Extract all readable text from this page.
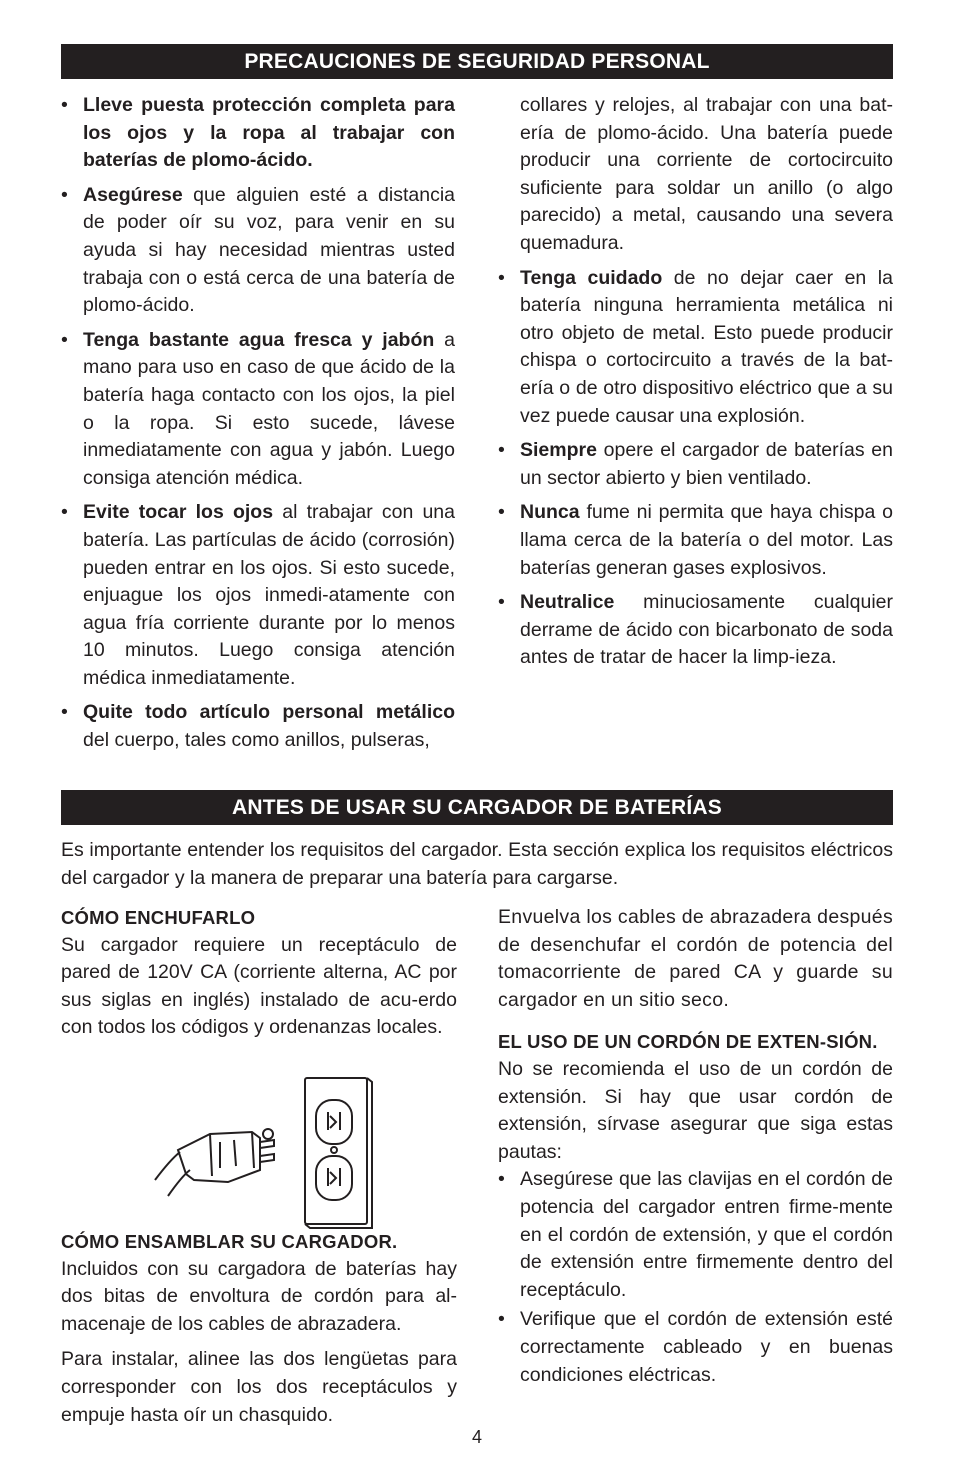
PRECAUCIONES DE SEGURIDAD PERSONAL
• Lleve puesta protección completa para los ojos y la ropa al trabajar con baterías de plomo-ácido.
• Asegúrese que alguien esté a distancia de poder oír su voz, para venir en su ayuda si hay necesidad mientras usted trabaja con o está cerca de una batería de plomo-ácido.
• Tenga bastante agua fresca y jabón a mano para uso en caso de que ácido de la batería haga contacto con los ojos, la piel o la ropa. Si esto sucede, lávese inmediatamente con agua y jabón. Luego consiga atención médica.
• Evite tocar los ojos al trabajar con una batería. Las partículas de ácido (corrosión) pueden entrar en los ojos. Si esto sucede, enjuague los ojos inmedi-atamente con agua fría corriente durante por lo menos 10 minutos. Luego consiga atención médica inmediatamente.
• Quite todo artículo personal metálico del cuerpo, tales como anillos, pulseras,
collares y relojes, al trabajar con una bat-ería de plomo-ácido. Una batería puede producir una corriente de cortocircuito suficiente para soldar un anillo (o algo parecido) a metal, causando una severa quemadura.
• Tenga cuidado de no dejar caer en la batería ninguna herramienta metálica ni otro objeto de metal. Esto puede producir chispa o cortocircuito a través de la bat-ería o de otro dispositivo eléctrico que a su vez puede causar una explosión.
• Siempre opere el cargador de baterías en un sector abierto y bien ventilado.
• Nunca fume ni permita que haya chispa o llama cerca de la batería o del motor. Las baterías generan gases explosivos.
• Neutralice minuciosamente cualquier derrame de ácido con bicarbonato de soda antes de tratar de hacer la limp-ieza.
ANTES DE USAR SU CARGADOR DE BATERÍAS
Es importante entender los requisitos del cargador. Esta sección explica los requisitos eléctricos del cargador y la manera de preparar una batería para cargarse.
CÓMO ENCHUFARLO

Su cargador requiere un receptáculo de pared de 120V CA (corriente alterna, AC por sus siglas en inglés) instalado de acu-erdo con todos los códigos y ordenanzas locales.

CÓMO ENSAMBLAR SU CARGADOR.

Incluidos con su cargadora de baterías hay dos bitas de envoltura de cordón para al-macenaje de los cables de abrazadera.

Para instalar, alinee las dos lengüetas para corresponder con los dos receptáculos y empuje hasta oír un chasquido.

Envuelva los cables de abrazadera después de desenchufar el cordón de potencia del tomacorriente de pared CA y guarde su cargador en un sitio seco.

EL USO DE UN CORDÓN DE EXTEN-SIÓN.

No se recomienda el uso de un cordón de extensión. Si hay que usar cordón de extensión, sírvase asegurar que siga estas pautas:

• Asegúrese que las clavijas en el cordón de potencia del cargador entren firme-mente en el cordón de extensión, y que el cordón de extensión entre firmemente dentro del receptáculo.
• Verifique que el cordón de extensión esté correctamente cableado y en buenas condiciones eléctricas.
4
